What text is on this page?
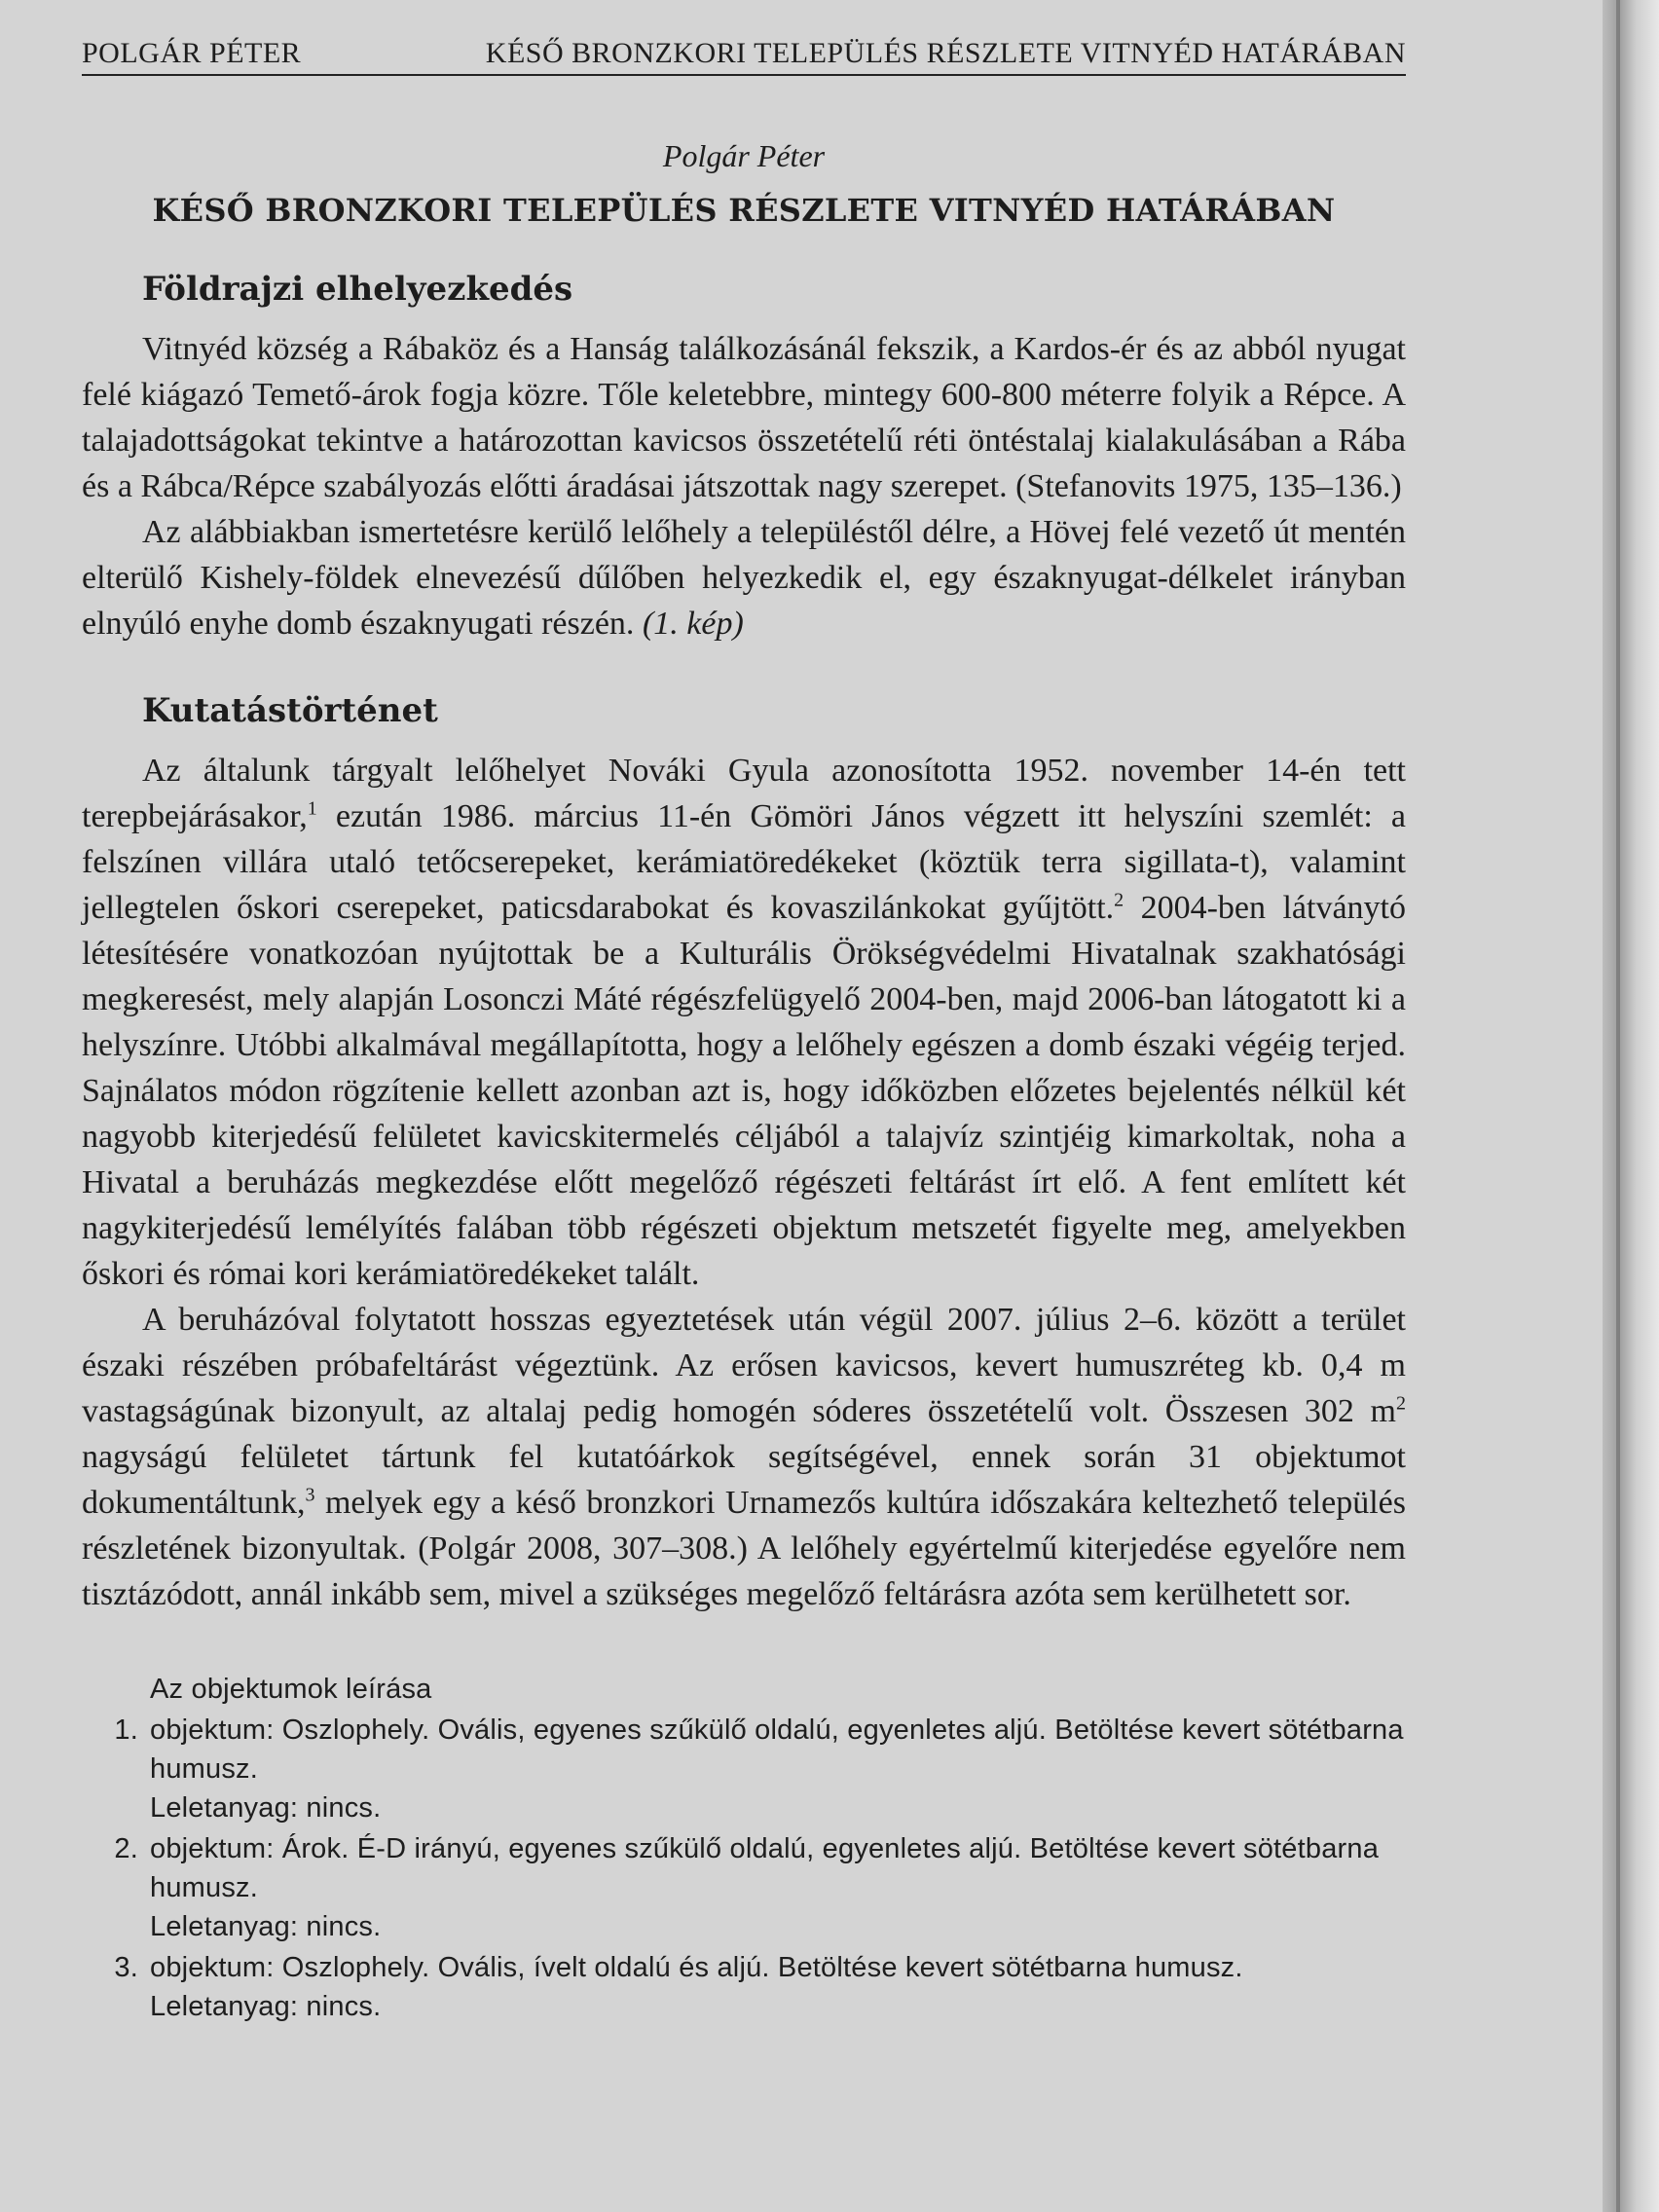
POLGÁR PÉTER	KÉSŐ BRONZKORI TELEPÜLÉS RÉSZLETE VITNYÉD HATÁRÁBAN
Polgár Péter
KÉSŐ BRONZKORI TELEPÜLÉS RÉSZLETE VITNYÉD HATÁRÁBAN
Földrajzi elhelyezkedés

Vitnyéd község a Rábaköz és a Hanság találkozásánál fekszik, a Kardos-ér és az abból nyugat felé kiágazó Temető-árok fogja közre. Tőle keletebbre, mintegy 600-800 méterre folyik a Répce. A talajadottságokat tekintve a határozottan kavicsos összetételű réti öntéstalaj kialakulásában a Rába és a Rábca/Répce szabályozás előtti áradásai játszottak nagy szerepet. (Stefanovits 1975, 135–136.)

Az alábbiakban ismertetésre kerülő lelőhely a településtől délre, a Hövej felé vezető út mentén elterülő Kishely-földek elnevezésű dűlőben helyezkedik el, egy északnyugat-délkelet irányban elnyúló enyhe domb északnyugati részén. (1. kép)

Kutatástörténet

Az általunk tárgyalt lelőhelyet Nováki Gyula azonosította 1952. november 14-én tett terepbejárásakor,$^1$ ezután 1986. március 11-én Gömöri János végzett itt helyszíni szemlét: a felszínen villára utaló tetőcserepeket, kerámiatöredékeket (köztük terra sigillata-t), valamint jellegtelen őskori cserepeket, paticsdarabokat és kovaszilánkokat gyűjtött.$^2$ 2004-ben látványtó létesítésére vonatkozóan nyújtottak be a Kulturális Örökségvédelmi Hivatalnak szakhatósági megkeresést, mely alapján Losonczi Máté régészfelügyelő 2004-ben, majd 2006-ban látogatott ki a helyszínre. Utóbbi alkalmával megállapította, hogy a lelőhely egészen a domb északi végéig terjed. Sajnálatos módon rögzítenie kellett azonban azt is, hogy időközben előzetes bejelentés nélkül két nagyobb kiterjedésű felületet kavicskitermelés céljából a talajvíz szintjéig kimarkoltak, noha a Hivatal a beruházás megkezdése előtt megelőző régészeti feltárást írt elő. A fent említett két nagykiterjedésű lemélyítés falában több régészeti objektum metszetét figyelte meg, amelyekben őskori és római kori kerámiatöredékeket talált.

A beruházóval folytatott hosszas egyeztetések után végül 2007. július 2–6. között a terület északi részében próbafeltárást végeztünk. Az erősen kavicsos, kevert humuszréteg kb. 0,4 m vastagságúnak bizonyult, az altalaj pedig homogén sóderes összetételű volt. Összesen 302 $m^2$ nagyságú felületet tártunk fel kutatóárkok segítségével, ennek során 31 objektumot dokumentáltunk,$^3$ melyek egy a késő bronzkori Urnamezős kultúra időszakára keltezhető település részletének bizonyultak. (Polgár 2008, 307–308.) A lelőhely egyértelmű kiterjedése egyelőre nem tisztázódott, annál inkább sem, mivel a szükséges megelőző feltárásra azóta sem kerülhetett sor.

Az objektumok leírása
1. objektum: Oszlophely. Ovális, egyenes szűkülő oldalú, egyenletes aljú. Betöltése kevert sötétbarna humusz.
Leletanyag: nincs.
2. objektum: Árok. É-D irányú, egyenes szűkülő oldalú, egyenletes aljú. Betöltése kevert sötétbarna humusz.
Leletanyag: nincs.
3. objektum: Oszlophely. Ovális, ívelt oldalú és aljú. Betöltése kevert sötétbarna humusz.
Leletanyag: nincs.
